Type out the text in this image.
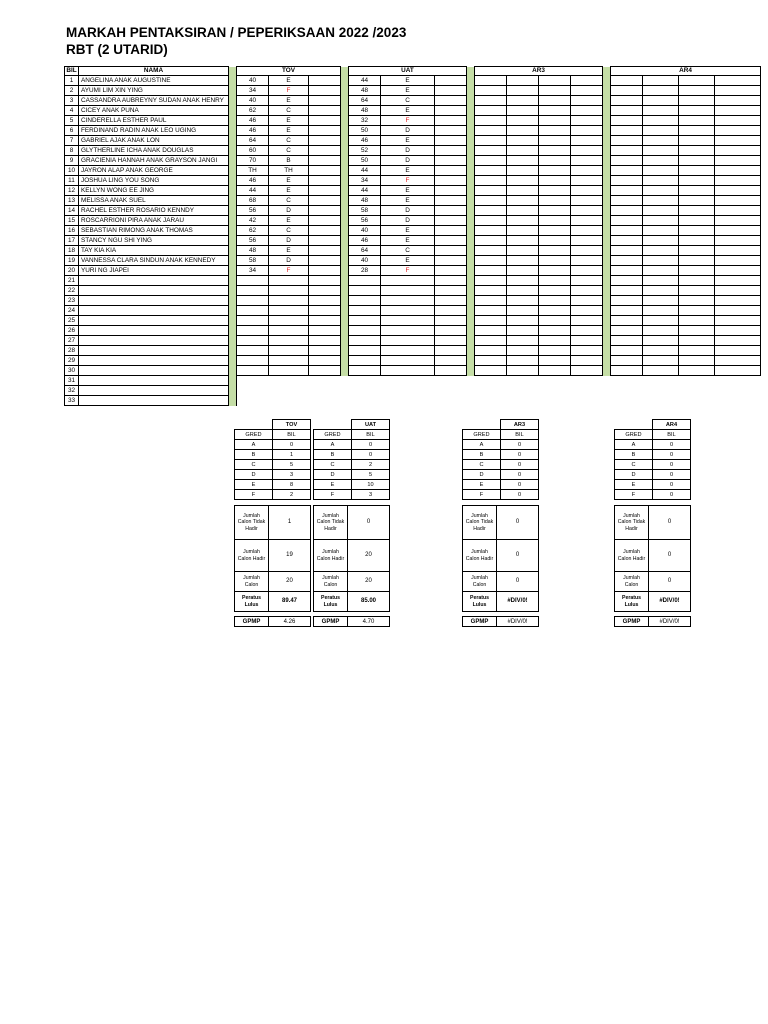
MARKAH PENTAKSIRAN / PEPERIKSAAN 2022 /2023
RBT (2 UTARID)
BIL	NAMA		TOV				UAT				AR3					AR4			
1	ANGELINA ANAK AUGUSTINE		40	E			44	E											
2	AYUMI LIM XIN YING		34	F			48	E											
3	CASSANDRA AUBREYNY SUDAN ANAK HENRY		40	E			64	C											
4	CICEY ANAK PUNA		62	C			48	E											
5	CINDERELLA ESTHER PAUL		46	E			32	F											
6	FERDINAND RADIN ANAK LEO UGING		46	E			50	D											
7	GABRIEL AJAK ANAK LON		64	C			46	E											
8	GLYTHERLINE ICHA ANAK DOUGLAS		60	C			52	D											
9	GRACIENIA HANNAH ANAK GRAYSON JANGI		70	B			50	D											
10	JAYRON ALAP ANAK GEORGE		TH	TH			44	E											
11	JOSHUA LING YOU SONG		46	E			34	F											
12	KELLYN WONG EE JING		44	E			44	E											
13	MELISSA ANAK SUEL		68	C			48	E											
14	RACHEL ESTHER ROSARIO KENNDY		56	D			58	D											
15	ROSCARRIONI PIRA ANAK JARAU		42	E			56	D											
16	SEBASTIAN RIMONG ANAK THOMAS		62	C			40	E											
17	STANCY NGU SHI YING		56	D			46	E											
18	TAY KIA KIA		48	E			64	C											
19	VANNESSA CLARA SINDUN ANAK KENNEDY		58	D			40	E											
20	YURI NG JIAPEI		34	F			28	F											
21																			
22																			
23																			
24																			
25																			
26																			
27																			
28																			
29																			
30																			
31																			
32																			
33																			
	TOV
GRED	BIL
A	0
B	1
C	5
D	3
E	8
F	2
Jumlah Calon Tidak Hadir	1
Jumlah Calon Hadir	19
Jumlah Calon	20
Peratus Lulus	89.47
GPMP	4.26
	UAT
GRED	BIL
A	0
B	0
C	2
D	5
E	10
F	3
Jumlah Calon Tidak Hadir	0
Jumlah Calon Hadir	20
Jumlah Calon	20
Peratus Lulus	85.00
GPMP	4.70
	AR3
GRED	BIL
A	0
B	0
C	0
D	0
E	0
F	0
Jumlah Calon Tidak Hadir	0
Jumlah Calon Hadir	0
Jumlah Calon	0
Peratus Lulus	#DIV/0!
GPMP	#DIV/0!
	AR4
GRED	BIL
A	0
B	0
C	0
D	0
E	0
F	0
Jumlah Calon Tidak Hadir	0
Jumlah Calon Hadir	0
Jumlah Calon	0
Peratus Lulus	#DIV/0!
GPMP	#DIV/0!
